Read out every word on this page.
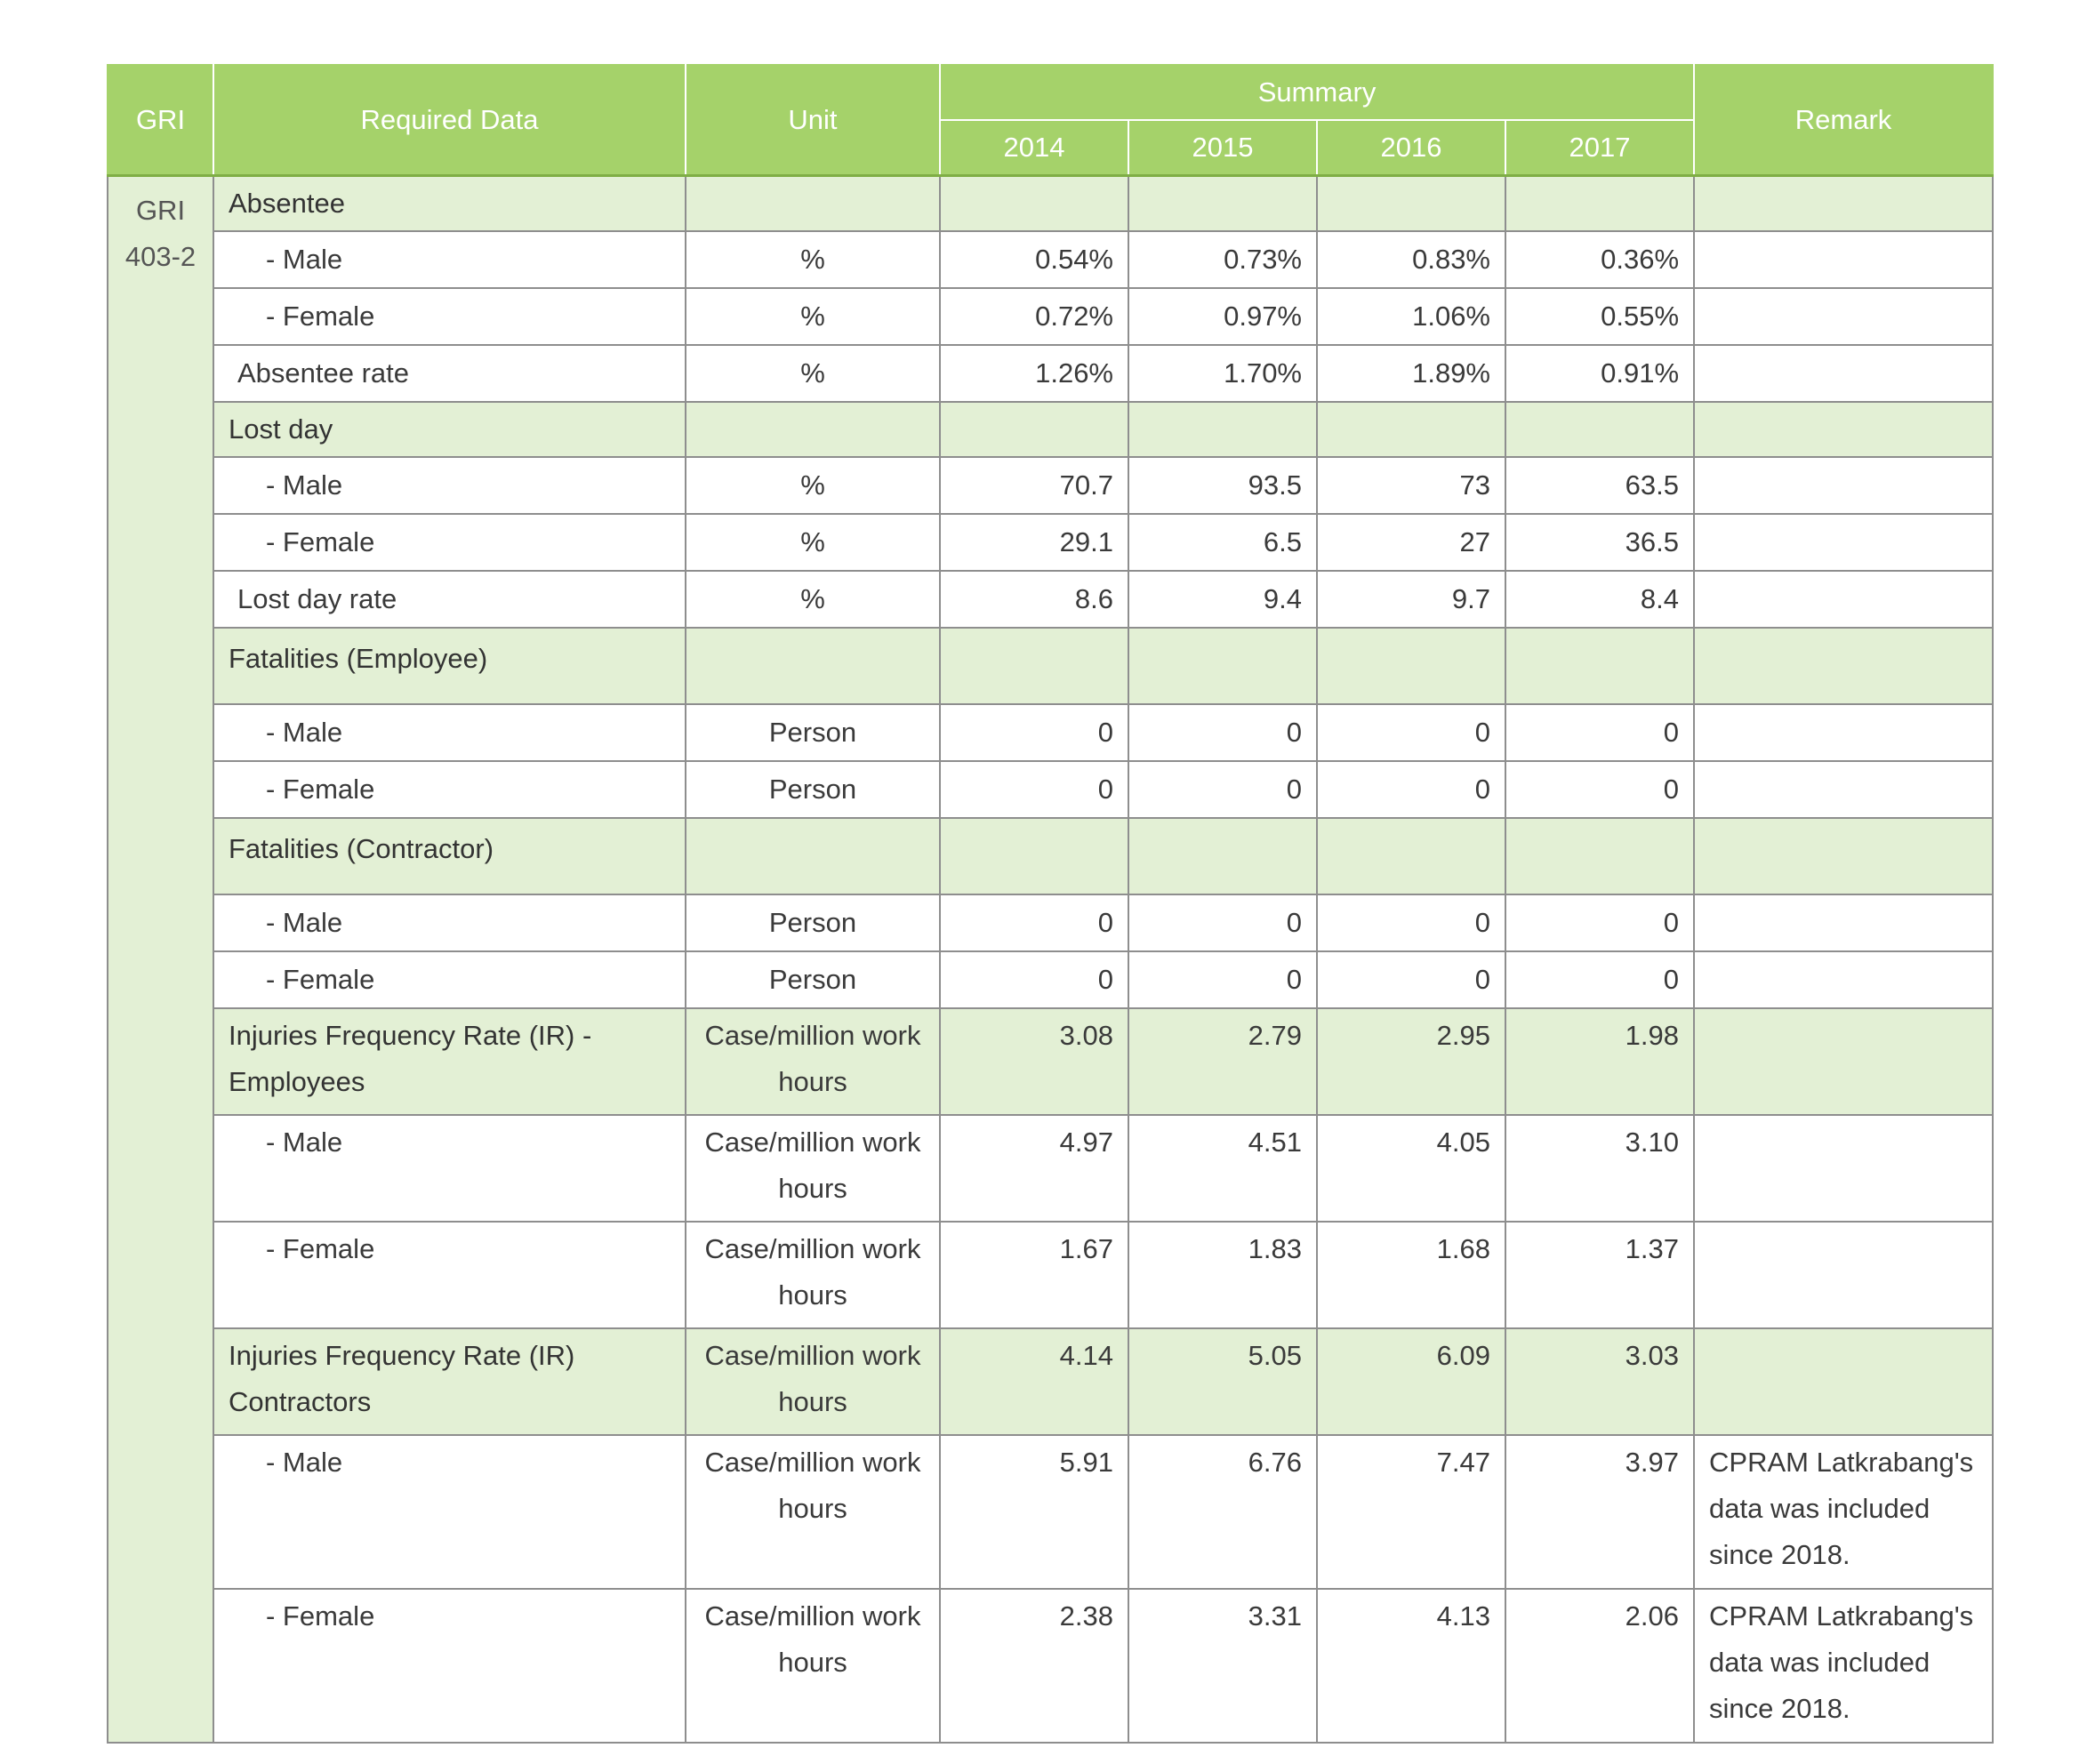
GRI	Required Data	Unit	Summary				Remark
			2014	2015	2016	2017	

GRI
403-2	Absentee						
	- Male	%	0.54%	0.73%	0.83%	0.36%	
	- Female	%	0.72%	0.97%	1.06%	0.55%	
	Absentee rate	%	1.26%	1.70%	1.89%	0.91%	
	Lost day						
	- Male	%	70.7	93.5	73	63.5	
	- Female	%	29.1	6.5	27	36.5	
	Lost day rate	%	8.6	9.4	9.7	8.4	
	Fatalities (Employee)						
	- Male	Person	0	0	0	0	
	- Female	Person	0	0	0	0	
	Fatalities (Contractor)						
	- Male	Person	0	0	0	0	
	- Female	Person	0	0	0	0	
	Injuries Frequency Rate (IR) - Employees	Case/million work hours	3.08	2.79	2.95	1.98	
	- Male	Case/million work hours	4.97	4.51	4.05	3.10	
	- Female	Case/million work hours	1.67	1.83	1.68	1.37	
	Injuries Frequency Rate (IR) Contractors	Case/million work hours	4.14	5.05	6.09	3.03	
	- Male	Case/million work hours	5.91	6.76	7.47	3.97	CPRAM Latkrabang's data was included since 2018.
	- Female	Case/million work hours	2.38	3.31	4.13	2.06	CPRAM Latkrabang's data was included since 2018.
